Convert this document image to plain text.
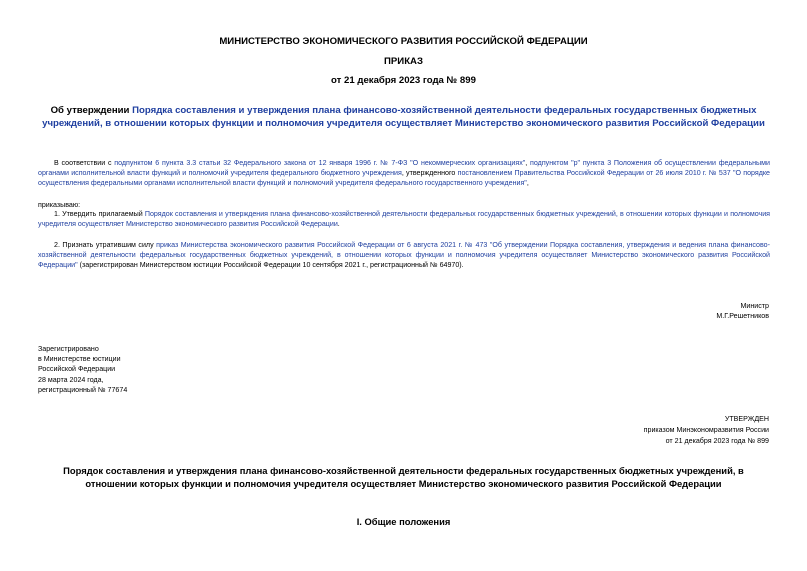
МИНИСТЕРСТВО ЭКОНОМИЧЕСКОГО РАЗВИТИЯ РОССИЙСКОЙ ФЕДЕРАЦИИ
ПРИКАЗ
от 21 декабря 2023 года № 899
Об утверждении Порядка составления и утверждения плана финансово-хозяйственной деятельности федеральных государственных бюджетных учреждений, в отношении которых функции и полномочия учредителя осуществляет Министерство экономического развития Российской Федерации
В соответствии с подпунктом 6 пункта 3.3 статьи 32 Федерального закона от 12 января 1996 г. № 7-ФЗ "О некоммерческих организациях", подпунктом "р" пункта 3 Положения об осуществлении федеральными органами исполнительной власти функций и полномочий учредителя федерального бюджетного учреждения, утвержденного постановлением Правительства Российской Федерации от 26 июля 2010 г. № 537 "О порядке осуществления федеральными органами исполнительной власти функций и полномочий учредителя федерального государственного учреждения",
приказываю:
1. Утвердить прилагаемый Порядок составления и утверждения плана финансово-хозяйственной деятельности федеральных государственных бюджетных учреждений, в отношении которых функции и полномочия учредителя осуществляет Министерство экономического развития Российской Федерации.
2. Признать утратившим силу приказ Министерства экономического развития Российской Федерации от 6 августа 2021 г. № 473 "Об утверждении Порядка составления, утверждения и ведения плана финансово-хозяйственной деятельности федеральных государственных бюджетных учреждений, в отношении которых функции и полномочия учредителя осуществляет Министерство экономического развития Российской Федерации" (зарегистрирован Министерством юстиции Российской Федерации 10 сентября 2021 г., регистрационный № 64970).
Министр
М.Г.Решетников
Зарегистрировано
в Министерстве юстиции
Российской Федерации
28 марта 2024 года,
регистрационный № 77674
УТВЕРЖДЕН
приказом Минэкономразвития России
от 21 декабря 2023 года № 899
Порядок составления и утверждения плана финансово-хозяйственной деятельности федеральных государственных бюджетных учреждений, в отношении которых функции и полномочия учредителя осуществляет Министерство экономического развития Российской Федерации
I. Общие положения
